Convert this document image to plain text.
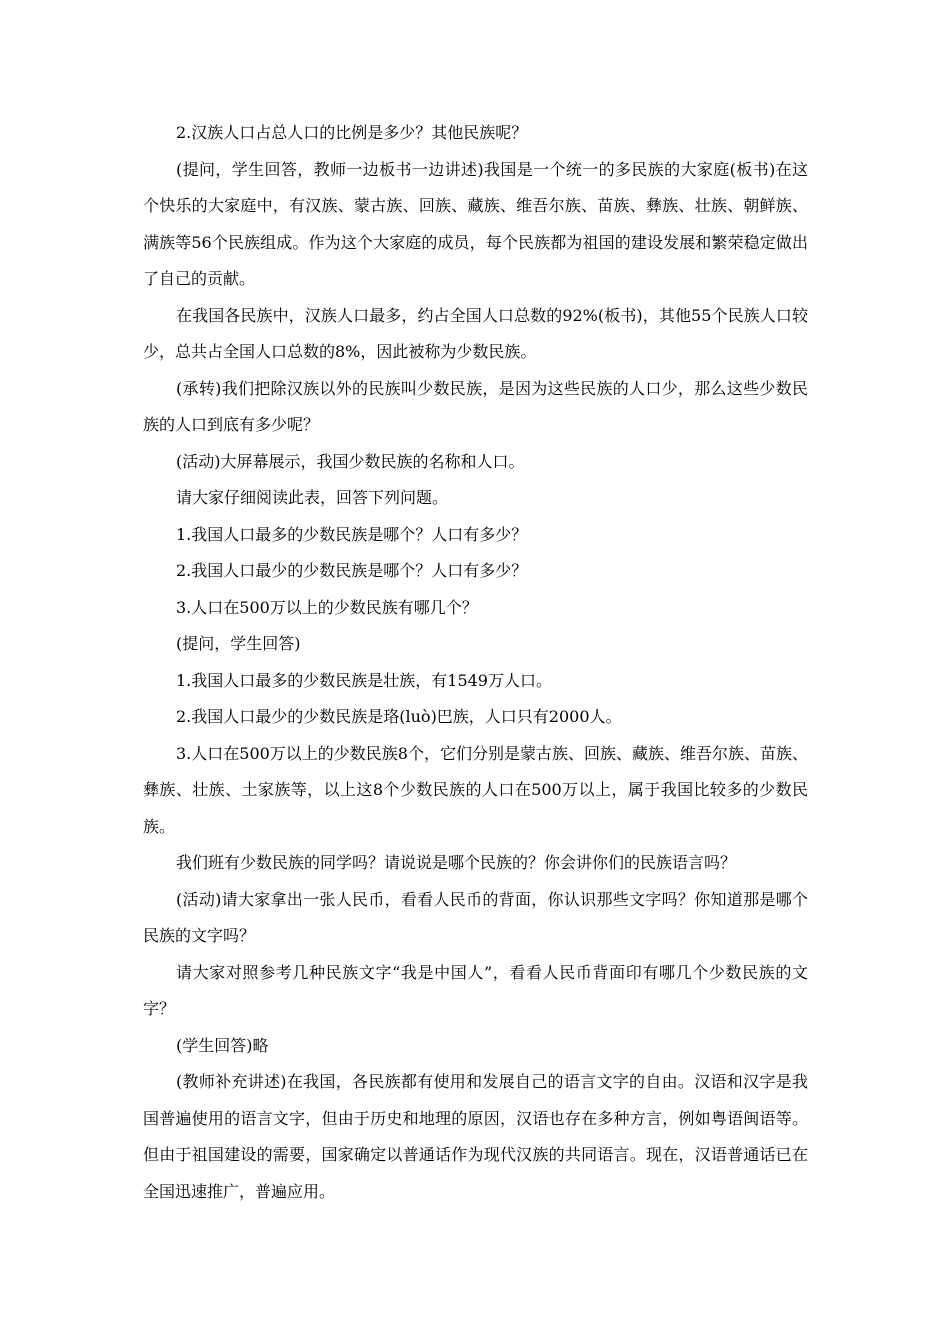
2.汉族人口占总人口的比例是多少？其他民族呢？

(提问，学生回答，教师一边板书一边讲述)我国是一个统一的多民族的大家庭(板书)在这个快乐的大家庭中，有汉族、蒙古族、回族、藏族、维吾尔族、苗族、彝族、壮族、朝鲜族、满族等56个民族组成。作为这个大家庭的成员，每个民族都为祖国的建设发展和繁荣稳定做出了自己的贡献。

在我国各民族中，汉族人口最多，约占全国人口总数的92%(板书)，其他55个民族人口较少，总共占全国人口总数的8%，因此被称为少数民族。

(承转)我们把除汉族以外的民族叫少数民族，是因为这些民族的人口少，那么这些少数民族的人口到底有多少呢？

(活动)大屏幕展示，我国少数民族的名称和人口。

请大家仔细阅读此表，回答下列问题。

1.我国人口最多的少数民族是哪个？人口有多少？

2.我国人口最少的少数民族是哪个？人口有多少？

3.人口在500万以上的少数民族有哪几个？

(提问，学生回答)

1.我国人口最多的少数民族是壮族，有1549万人口。

2.我国人口最少的少数民族是珞(luò)巴族，人口只有2000人。

3.人口在500万以上的少数民族8个，它们分别是蒙古族、回族、藏族、维吾尔族、苗族、彝族、壮族、土家族等，以上这8个少数民族的人口在500万以上，属于我国比较多的少数民族。

我们班有少数民族的同学吗？请说说是哪个民族的？你会讲你们的民族语言吗？

(活动)请大家拿出一张人民币，看看人民币的背面，你认识那些文字吗？你知道那是哪个民族的文字吗？

请大家对照参考几种民族文字“我是中国人”，看看人民币背面印有哪几个少数民族的文字？

(学生回答)略

(教师补充讲述)在我国，各民族都有使用和发展自己的语言文字的自由。汉语和汉字是我国普遍使用的语言文字，但由于历史和地理的原因，汉语也存在多种方言，例如粤语闽语等。但由于祖国建设的需要，国家确定以普通话作为现代汉族的共同语言。现在，汉语普通话已在全国迅速推广，普遍应用。
